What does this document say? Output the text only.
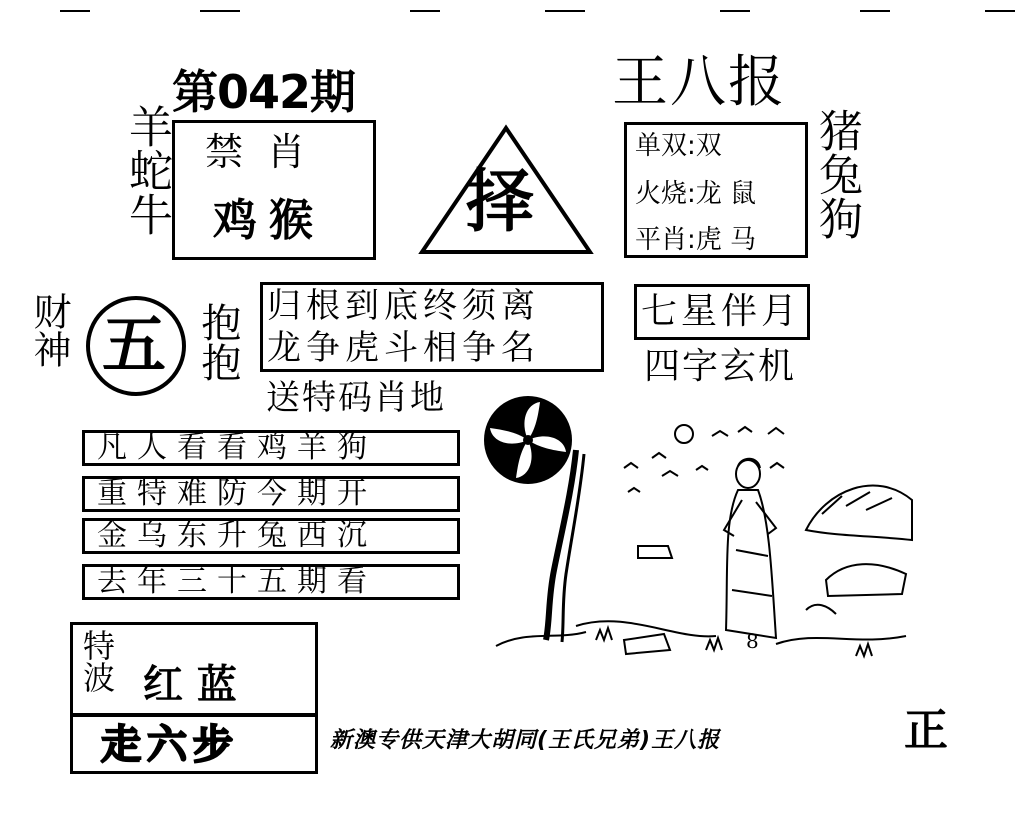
第042期	王八报
羊蛇牛 禁  肖
鸡猴 择
单双:双
火烧:龙 鼠
平肖:虎 马 猪兔狗
财神 五 抱抱 归根到底终须离
龙争虎斗相争名
送特码肖地
七星伴月
四字玄机
凡人看看鸡羊狗
重特难防今期开
金乌东升兔西沉
去年三十五期看
8
特波 红 蓝
走六步	新澳专供天津大胡同(王氏兄弟)王八报	正
